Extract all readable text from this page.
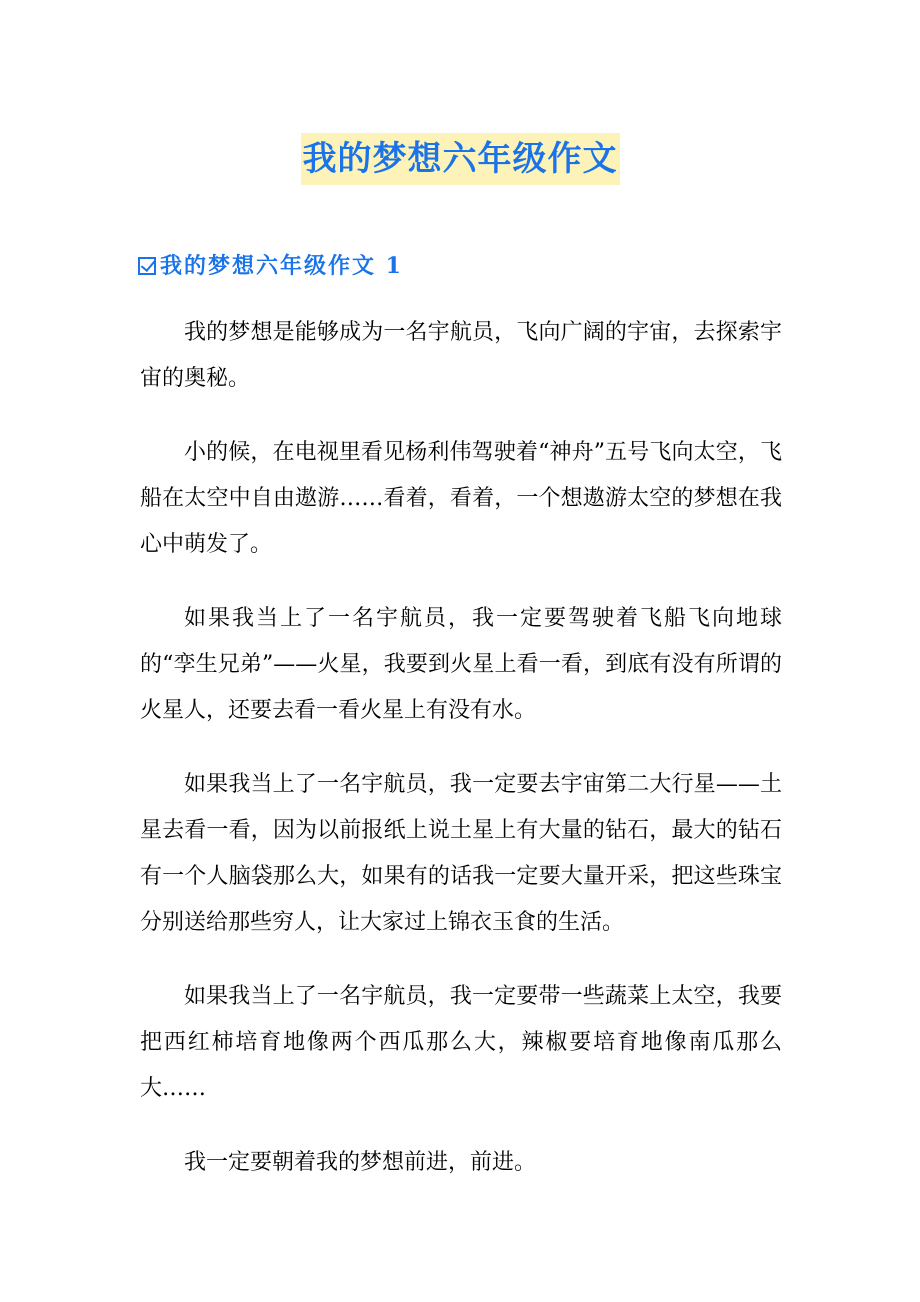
我的梦想六年级作文
我的梦想六年级作文 1

我的梦想是能够成为一名宇航员，飞向广阔的宇宙，去探索宇宙的奥秘。

小的候，在电视里看见杨利伟驾驶着“神舟”五号飞向太空，飞船在太空中自由遨游……看着，看着，一个想遨游太空的梦想在我心中萌发了。

如果我当上了一名宇航员，我一定要驾驶着飞船飞向地球的“孪生兄弟”——火星，我要到火星上看一看，到底有没有所谓的火星人，还要去看一看火星上有没有水。

如果我当上了一名宇航员，我一定要去宇宙第二大行星——土星去看一看，因为以前报纸上说土星上有大量的钻石，最大的钻石有一个人脑袋那么大，如果有的话我一定要大量开采，把这些珠宝分别送给那些穷人，让大家过上锦衣玉食的生活。

如果我当上了一名宇航员，我一定要带一些蔬菜上太空，我要把西红柿培育地像两个西瓜那么大，辣椒要培育地像南瓜那么大……

我一定要朝着我的梦想前进，前进。
